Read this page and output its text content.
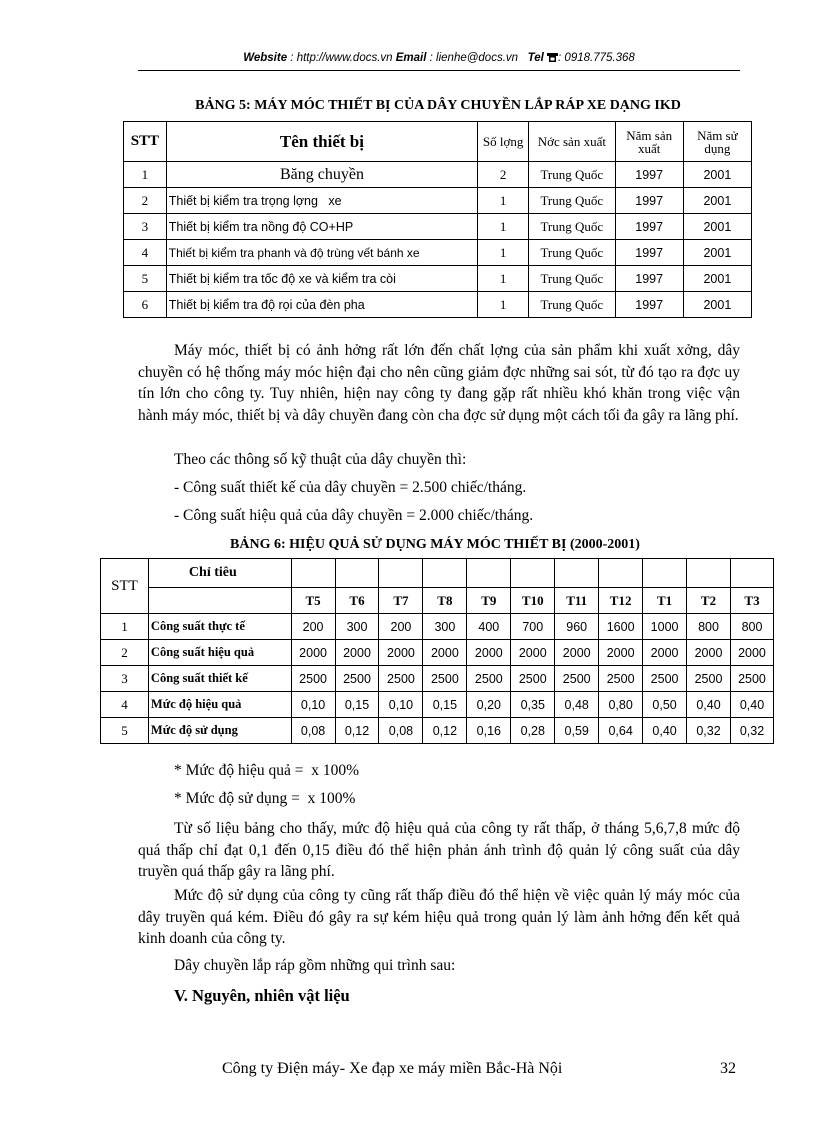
Website : http://www.docs.vn Email : lienhe@docs.vn Tel : 0918.775.368
BẢNG 5: MÁY MÓC THIẾT BỊ CỦA DÂY CHUYỀN LẮP RÁP XE DẠNG IKD
STT	Tên thiết bị	Số lợng	Nớc sản xuất	Năm sản xuất	Năm sử dụng
1	Băng chuyền	2	Trung Quốc	1997	2001
2	Thiết bị kiểm tra trọng lợng   xe	1	Trung Quốc	1997	2001
3	Thiết bị kiểm tra nồng độ CO+HP	1	Trung Quốc	1997	2001
4	Thiết bị kiểm tra phanh và độ trùng vết bánh xe	1	Trung Quốc	1997	2001
5	Thiết bị kiểm tra tốc độ xe và kiểm tra còi	1	Trung Quốc	1997	2001
6	Thiết bị kiểm tra độ rọi của đèn pha	1	Trung Quốc	1997	2001
Máy móc, thiết bị có ảnh hởng rất lớn đến chất lợng của sản phẩm khi xuất xởng, dây chuyền có hệ thống máy móc hiện đại cho nên cũng giảm đợc những sai sót, từ đó tạo ra đợc uy tín lớn cho công ty. Tuy nhiên, hiện nay công ty đang gặp rất nhiều khó khăn trong việc vận hành máy móc, thiết bị và dây chuyền đang còn cha đợc sử dụng một cách tối đa gây ra lãng phí.
Theo các thông số kỹ thuật của dây chuyền thì:
- Công suất thiết kế của dây chuyền = 2.500 chiếc/tháng.
- Công suất hiệu quả của dây chuyền = 2.000 chiếc/tháng.
BẢNG 6: HIỆU QUẢ SỬ DỤNG MÁY MÓC THIẾT BỊ (2000-2001)
STT	Chỉ tiêu											
		T5	T6	T7	T8	T9	T10	T11	T12	T1	T2	T3
1	Công suất thực tế	200	300	200	300	400	700	960	1600	1000	800	800
2	Công suất hiệu quả	2000	2000	2000	2000	2000	2000	2000	2000	2000	2000	2000
3	Công suất thiết kế	2500	2500	2500	2500	2500	2500	2500	2500	2500	2500	2500
4	Mức độ hiệu quả	0,10	0,15	0,10	0,15	0,20	0,35	0,48	0,80	0,50	0,40	0,40
5	Mức độ sử dụng	0,08	0,12	0,08	0,12	0,16	0,28	0,59	0,64	0,40	0,32	0,32
* Mức độ hiệu quả =  x 100%
* Mức độ sử dụng =  x 100%
Từ số liệu bảng cho thấy, mức độ hiệu quả của công ty rất thấp, ở tháng 5,6,7,8 mức độ quá thấp chỉ đạt 0,1 đến 0,15 điều đó thể hiện phản ánh trình độ quản lý công suất của dây truyền quá thấp gây ra lãng phí.
Mức độ sử dụng của công ty cũng rất thấp điều đó thể hiện về việc quản lý máy móc của dây truyền quá kém. Điều đó gây ra sự kém hiệu quả trong quản lý làm ảnh hởng đến kết quả kinh doanh của công ty.
Dây chuyền lắp ráp gồm những qui trình sau:
V. Nguyên, nhiên vật liệu
Công ty Điện máy- Xe đạp xe máy miền Bắc-Hà Nội	32
